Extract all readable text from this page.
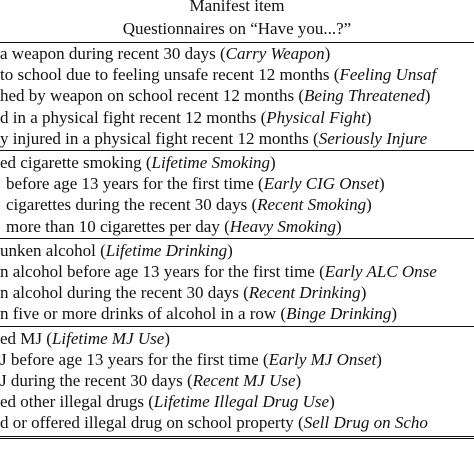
Manifest item
Questionnaires on “Have you...?”
a weapon during recent 30 days (Carry Weapon)
to school due to feeling unsafe recent 12 months (Feeling Unsaf
hed by weapon on school recent 12 months (Being Threatened)
d in a physical fight recent 12 months (Physical Fight)
y injured in a physical fight recent 12 months (Seriously Injure
ed cigarette smoking (Lifetime Smoking)
before age 13 years for the first time (Early CIG Onset)
cigarettes during the recent 30 days (Recent Smoking)
more than 10 cigarettes per day (Heavy Smoking)
unken alcohol (Lifetime Drinking)
n alcohol before age 13 years for the first time (Early ALC Onse
n alcohol during the recent 30 days (Recent Drinking)
n five or more drinks of alcohol in a row (Binge Drinking)
ed MJ (Lifetime MJ Use)
J before age 13 years for the first time (Early MJ Onset)
J during the recent 30 days (Recent MJ Use)
ed other illegal drugs (Lifetime Illegal Drug Use)
d or offered illegal drug on school property (Sell Drug on Scho
